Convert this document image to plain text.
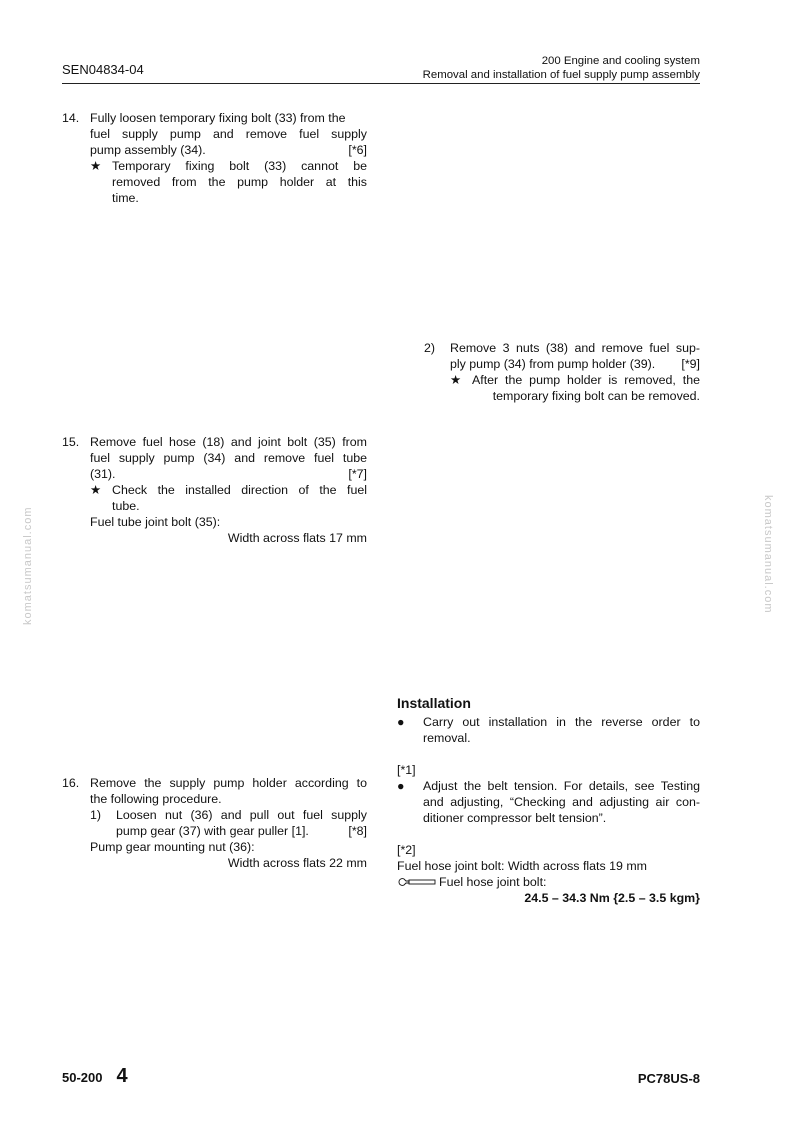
SEN04834-04
200 Engine and cooling system
Removal and installation of fuel supply pump assembly
14. Fully loosen temporary fixing bolt (33) from the
fuel supply pump and remove fuel supply
pump assembly (34).	[*6]
★ Temporary fixing bolt (33) cannot be
removed from the pump holder at this
time.
2)	Remove 3 nuts (38) and remove fuel sup-
ply pump (34) from pump holder (39). [*9]
★ After the pump holder is removed, the
temporary fixing bolt can be removed.
15. Remove fuel hose (18) and joint bolt (35) from
fuel supply pump (34) and remove fuel tube
(31).	[*7]
★ Check the installed direction of the fuel
tube.
Fuel tube joint bolt (35):
Width across flats 17 mm
Installation
●	Carry out installation in the reverse order to
removal.
[*1]
●	Adjust the belt tension. For details, see Testing
and adjusting, “Checking and adjusting air con-
ditioner compressor belt tension”.
[*2]
Fuel hose joint bolt: Width across flats 19 mm
Fuel hose joint bolt:
24.5 – 34.3 Nm {2.5 – 3.5 kgm}
16. Remove the supply pump holder according to
the following procedure.
1)	Loosen nut (36) and pull out fuel supply
pump gear (37) with gear puller [1].	[*8]
Pump gear mounting nut (36):
Width across flats 22 mm
komatsumanual.com	komatsumanual.com
50-200 4	PC78US-8
